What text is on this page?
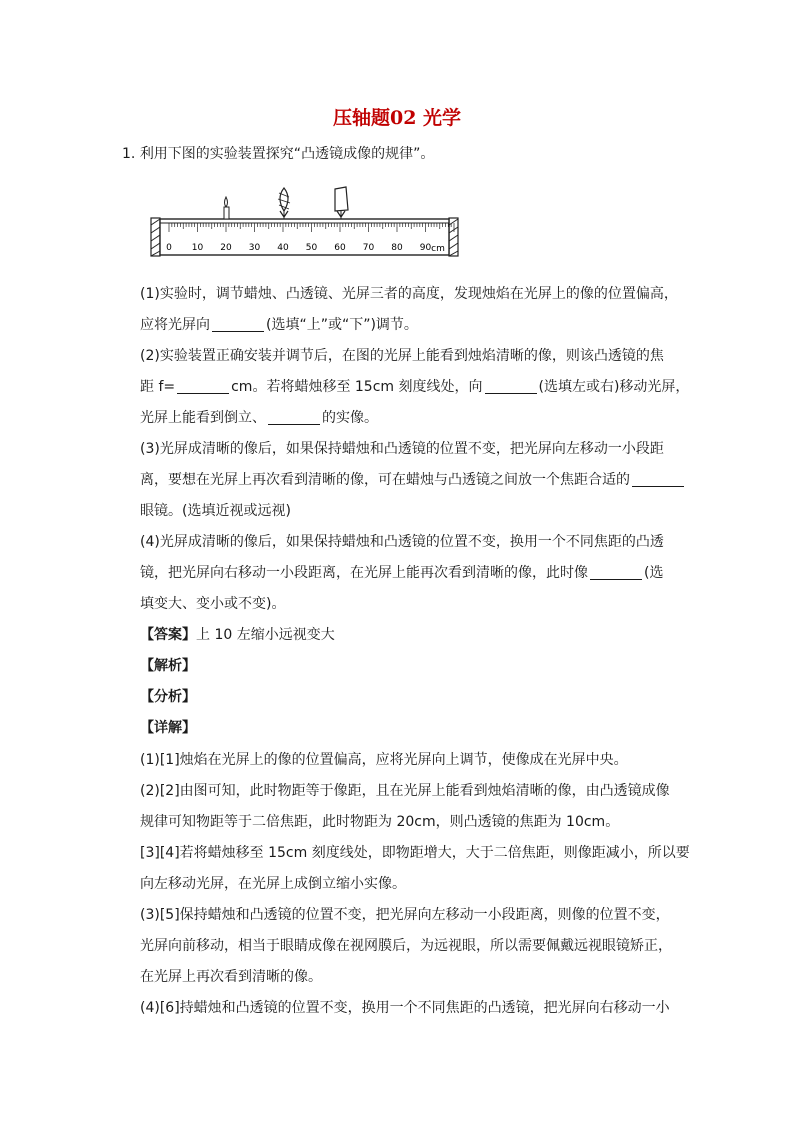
压轴题02 光学
1. 利用下图的实验装置探究“凸透镜成像的规律”。
0 10 20 30 40 50 60 70 80 90 cm
(1)实验时，调节蜡烛、凸透镜、光屏三者的高度，发现烛焰在光屏上的像的位置偏高，
应将光屏向	(选填“上”或“下”)调节。
(2)实验装置正确安装并调节后，在图的光屏上能看到烛焰清晰的像，则该凸透镜的焦
距 f=	cm。若将蜡烛移至 15cm 刻度线处，向	(选填左或右)移动光屏，
光屏上能看到倒立、	的实像。
(3)光屏成清晰的像后，如果保持蜡烛和凸透镜的位置不变，把光屏向左移动一小段距
离，要想在光屏上再次看到清晰的像，可在蜡烛与凸透镜之间放一个焦距合适的
眼镜。(选填近视或远视)
(4)光屏成清晰的像后，如果保持蜡烛和凸透镜的位置不变，换用一个不同焦距的凸透
镜，把光屏向右移动一小段距离，在光屏上能再次看到清晰的像，此时像	(选
填变大、变小或不变)。
【答案】上 10 左缩小远视变大
【解析】
【分析】
【详解】
(1)[1]烛焰在光屏上的像的位置偏高，应将光屏向上调节，使像成在光屏中央。
(2)[2]由图可知，此时物距等于像距，且在光屏上能看到烛焰清晰的像，由凸透镜成像
规律可知物距等于二倍焦距，此时物距为 20cm，则凸透镜的焦距为 10cm。
[3][4]若将蜡烛移至 15cm 刻度线处，即物距增大，大于二倍焦距，则像距减小，所以要
向左移动光屏，在光屏上成倒立缩小实像。
(3)[5]保持蜡烛和凸透镜的位置不变，把光屏向左移动一小段距离，则像的位置不变，
光屏向前移动，相当于眼睛成像在视网膜后，为远视眼，所以需要佩戴远视眼镜矫正，
在光屏上再次看到清晰的像。
(4)[6]持蜡烛和凸透镜的位置不变，换用一个不同焦距的凸透镜，把光屏向右移动一小
